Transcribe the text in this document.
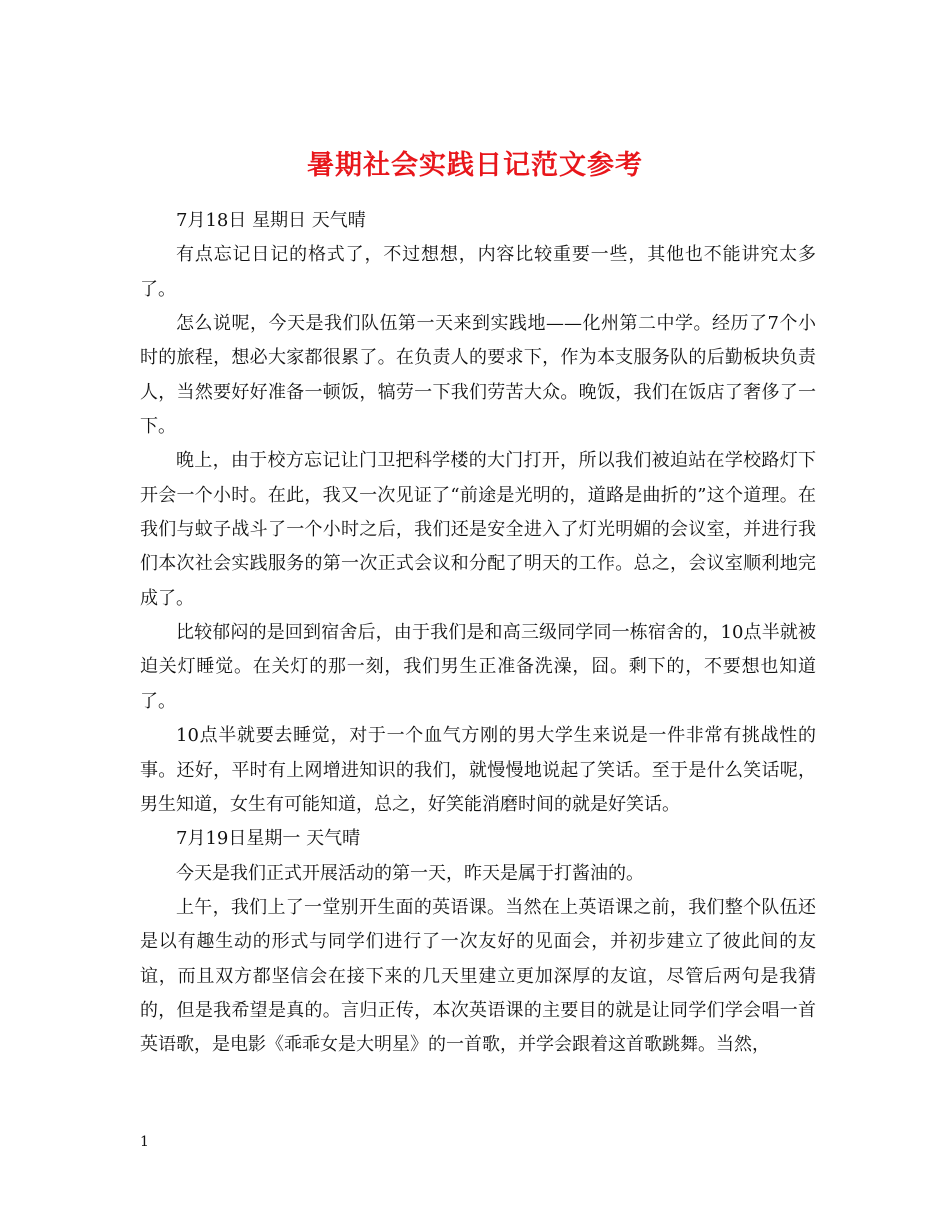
暑期社会实践日记范文参考

7月18日 星期日 天气晴

有点忘记日记的格式了，不过想想，内容比较重要一些，其他也不能讲究太多了。

怎么说呢，今天是我们队伍第一天来到实践地——化州第二中学。经历了7个小时的旅程，想必大家都很累了。在负责人的要求下，作为本支服务队的后勤板块负责人，当然要好好准备一顿饭，犒劳一下我们劳苦大众。晚饭，我们在饭店了奢侈了一下。

晚上，由于校方忘记让门卫把科学楼的大门打开，所以我们被迫站在学校路灯下开会一个小时。在此，我又一次见证了“前途是光明的，道路是曲折的”这个道理。在我们与蚊子战斗了一个小时之后，我们还是安全进入了灯光明媚的会议室，并进行我们本次社会实践服务的第一次正式会议和分配了明天的工作。总之，会议室顺利地完成了。

比较郁闷的是回到宿舍后，由于我们是和高三级同学同一栋宿舍的，10点半就被迫关灯睡觉。在关灯的那一刻，我们男生正准备洗澡，囧。剩下的，不要想也知道了。

10点半就要去睡觉，对于一个血气方刚的男大学生来说是一件非常有挑战性的事。还好，平时有上网增进知识的我们，就慢慢地说起了笑话。至于是什么笑话呢，男生知道，女生有可能知道，总之，好笑能消磨时间的就是好笑话。

7月19日星期一 天气晴

今天是我们正式开展活动的第一天，昨天是属于打酱油的。

上午，我们上了一堂别开生面的英语课。当然在上英语课之前，我们整个队伍还是以有趣生动的形式与同学们进行了一次友好的见面会，并初步建立了彼此间的友谊，而且双方都坚信会在接下来的几天里建立更加深厚的友谊，尽管后两句是我猜的，但是我希望是真的。言归正传，本次英语课的主要目的就是让同学们学会唱一首英语歌，是电影《乖乖女是大明星》的一首歌，并学会跟着这首歌跳舞。当然，

1
